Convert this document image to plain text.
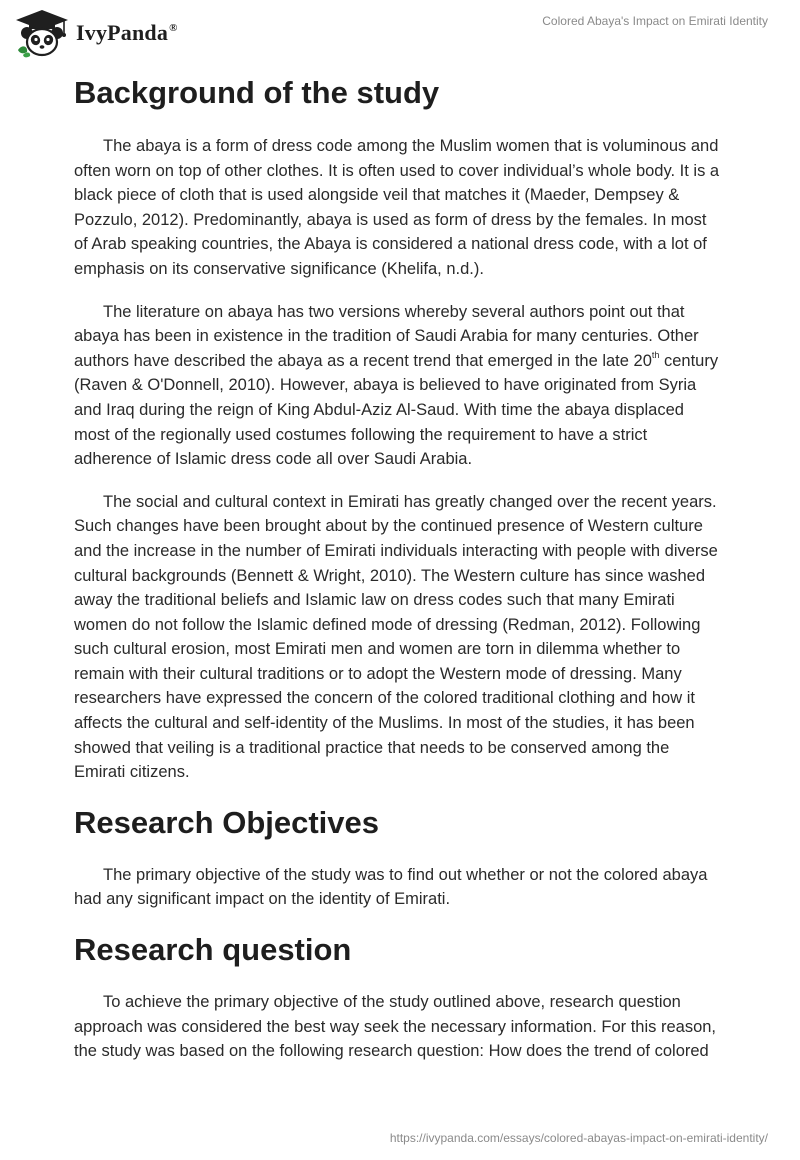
IvyPanda®	Colored Abaya's Impact on Emirati Identity
Background of the study

The abaya is a form of dress code among the Muslim women that is voluminous and often worn on top of other clothes. It is often used to cover individual’s whole body. It is a black piece of cloth that is used alongside veil that matches it (Maeder, Dempsey & Pozzulo, 2012). Predominantly, abaya is used as form of dress by the females. In most of Arab speaking countries, the Abaya is considered a national dress code, with a lot of emphasis on its conservative significance (Khelifa, n.d.).

The literature on abaya has two versions whereby several authors point out that abaya has been in existence in the tradition of Saudi Arabia for many centuries. Other authors have described the abaya as a recent trend that emerged in the late 20th century (Raven & O'Donnell, 2010). However, abaya is believed to have originated from Syria and Iraq during the reign of King Abdul-Aziz Al-Saud. With time the abaya displaced most of the regionally used costumes following the requirement to have a strict adherence of Islamic dress code all over Saudi Arabia.

The social and cultural context in Emirati has greatly changed over the recent years. Such changes have been brought about by the continued presence of Western culture and the increase in the number of Emirati individuals interacting with people with diverse cultural backgrounds (Bennett & Wright, 2010). The Western culture has since washed away the traditional beliefs and Islamic law on dress codes such that many Emirati women do not follow the Islamic defined mode of dressing (Redman, 2012). Following such cultural erosion, most Emirati men and women are torn in dilemma whether to remain with their cultural traditions or to adopt the Western mode of dressing. Many researchers have expressed the concern of the colored traditional clothing and how it affects the cultural and self-identity of the Muslims. In most of the studies, it has been showed that veiling is a traditional practice that needs to be conserved among the Emirati citizens.

Research Objectives

The primary objective of the study was to find out whether or not the colored abaya had any significant impact on the identity of Emirati.

Research question

To achieve the primary objective of the study outlined above, research question approach was considered the best way seek the necessary information. For this reason, the study was based on the following research question: How does the trend of colored

https://ivypanda.com/essays/colored-abayas-impact-on-emirati-identity/
